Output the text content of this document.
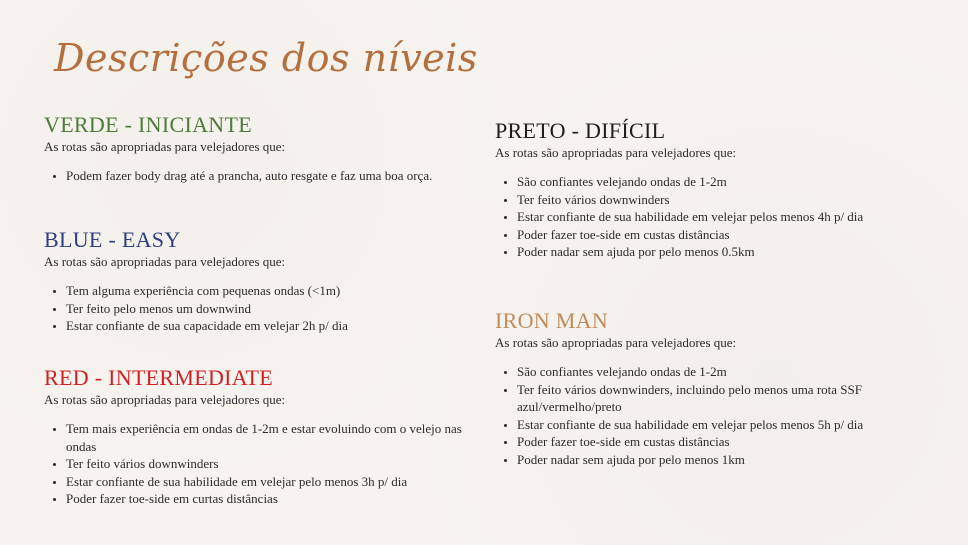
Descrições dos níveis
VERDE - INICIANTE

As rotas são apropriadas para velejadores que:

• Podem fazer body drag até a prancha, auto resgate e faz uma boa orça.
BLUE - EASY

As rotas são apropriadas para velejadores que:

• Tem alguma experiência com pequenas ondas (<1m)
• Ter feito pelo menos um downwind
• Estar confiante de sua capacidade em velejar 2h p/ dia
RED - INTERMEDIATE

As rotas são apropriadas para velejadores que:

• Tem mais experiência em ondas de 1-2m e estar evoluindo com o velejo nas ondas
• Ter feito vários downwinders
• Estar confiante de sua habilidade em velejar pelo menos 3h p/ dia
• Poder fazer toe-side em curtas distâncias
PRETO - DIFÍCIL

As rotas são apropriadas para velejadores que:

• São confiantes velejando ondas de 1-2m
• Ter feito vários downwinders
• Estar confiante de sua habilidade em velejar pelos menos 4h p/ dia
• Poder fazer toe-side em custas distâncias
• Poder nadar sem ajuda por pelo menos 0.5km
IRON MAN

As rotas são apropriadas para velejadores que:

• São confiantes velejando ondas de 1-2m
• Ter feito vários downwinders, incluindo pelo menos uma rota SSF azul/vermelho/preto
• Estar confiante de sua habilidade em velejar pelos menos 5h p/ dia
• Poder fazer toe-side em custas distâncias
• Poder nadar sem ajuda por pelo menos 1km
